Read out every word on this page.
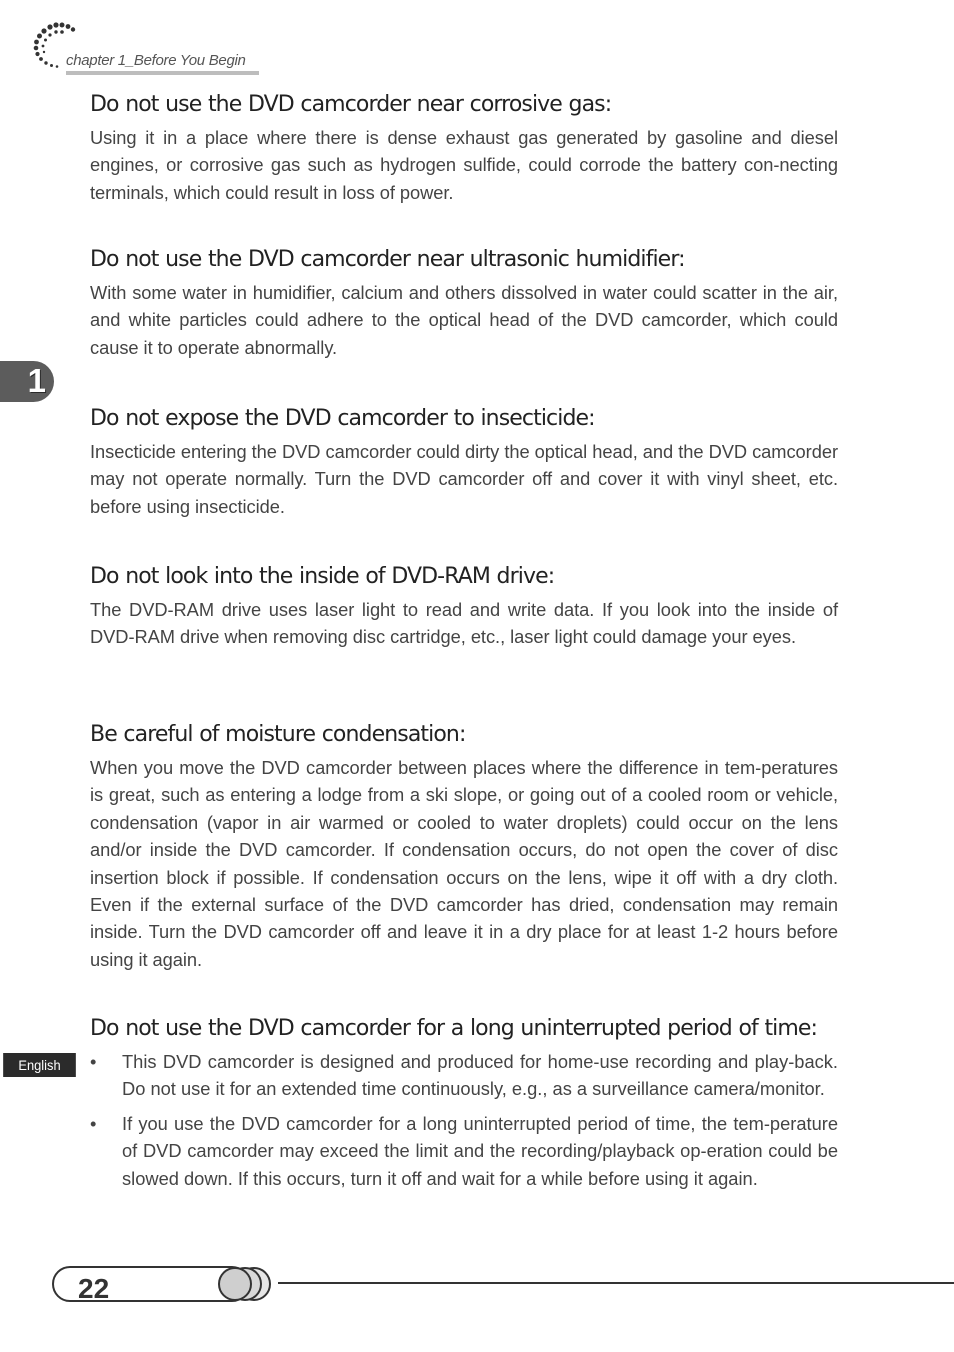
chapter 1_Before You Begin
1
English
Do not use the DVD camcorder near corrosive gas:
Using it in a place where there is dense exhaust gas generated by gasoline and diesel engines, or corrosive gas such as hydrogen sulfide, could corrode the battery con-necting terminals, which could result in loss of power.
Do not use the DVD camcorder near ultrasonic humidifier:
With some water in humidifier, calcium and others dissolved in water could scatter in the air, and white particles could adhere to the optical head of the DVD camcorder, which could cause it to operate abnormally.
Do not expose the DVD camcorder to insecticide:
Insecticide entering the DVD camcorder could dirty the optical head, and the DVD camcorder may not operate normally. Turn the DVD camcorder off and cover it with vinyl sheet, etc. before using insecticide.
Do not look into the inside of DVD-RAM drive:
The DVD-RAM drive uses laser light to read and write data. If you look into the inside of DVD-RAM drive when removing disc cartridge, etc., laser light could damage your eyes.
Be careful of moisture condensation:
When you move the DVD camcorder between places where the difference in tem-peratures is great, such as entering a lodge from a ski slope, or going out of a cooled room or vehicle, condensation (vapor in air warmed or cooled to water droplets) could occur on the lens and/or inside the DVD camcorder. If condensation occurs, do not open the cover of disc insertion block if possible. If condensation occurs on the lens, wipe it off with a dry cloth. Even if the external surface of the DVD camcorder has dried, condensation may remain inside. Turn the DVD camcorder off and leave it in a dry place for at least 1-2 hours before using it again.
Do not use the DVD camcorder for a long uninterrupted period of time:
• This DVD camcorder is designed and produced for home-use recording and play-back. Do not use it for an extended time continuously, e.g., as a surveillance camera/monitor.
• If you use the DVD camcorder for a long uninterrupted period of time, the tem-perature of DVD camcorder may exceed the limit and the recording/playback op-eration could be slowed down. If this occurs, turn it off and wait for a while before using it again.
22
